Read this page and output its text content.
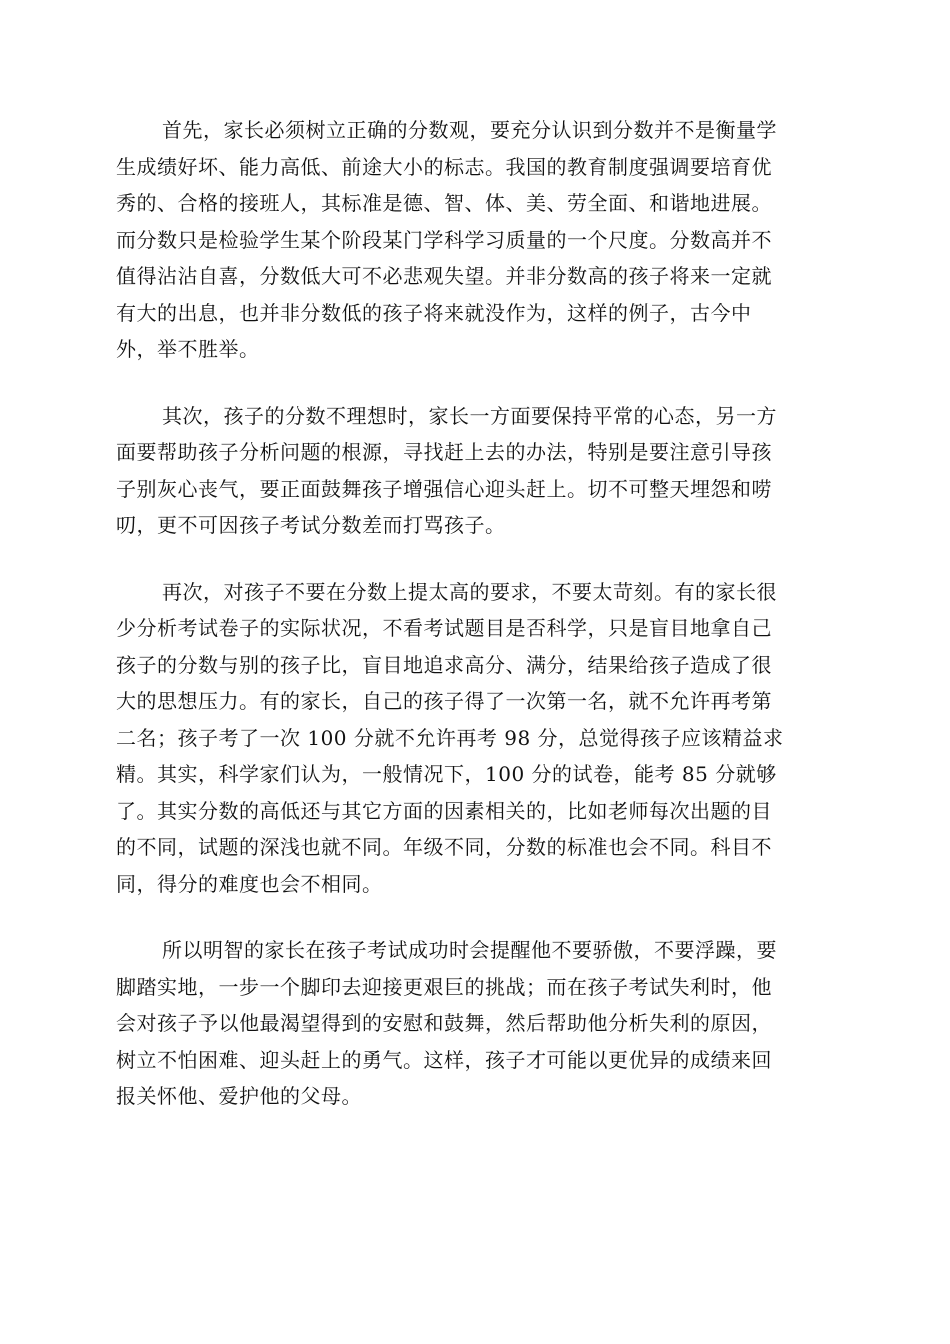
首先，家长必须树立正确的分数观，要充分认识到分数并不是衡量学
生成绩好坏、能力高低、前途大小的标志。我国的教育制度强调要培育优
秀的、合格的接班人，其标准是德、智、体、美、劳全面、和谐地进展。
而分数只是检验学生某个阶段某门学科学习质量的一个尺度。分数高并不
值得沾沾自喜，分数低大可不必悲观失望。并非分数高的孩子将来一定就
有大的出息，也并非分数低的孩子将来就没作为，这样的例子，古今中
外，举不胜举。

其次，孩子的分数不理想时，家长一方面要保持平常的心态，另一方
面要帮助孩子分析问题的根源，寻找赶上去的办法，特别是要注意引导孩
子别灰心丧气，要正面鼓舞孩子增强信心迎头赶上。切不可整天埋怨和唠
叨，更不可因孩子考试分数差而打骂孩子。

再次，对孩子不要在分数上提太高的要求，不要太苛刻。有的家长很
少分析考试卷子的实际状况，不看考试题目是否科学，只是盲目地拿自己
孩子的分数与别的孩子比，盲目地追求高分、满分，结果给孩子造成了很
大的思想压力。有的家长，自己的孩子得了一次第一名，就不允许再考第
二名；孩子考了一次 100 分就不允许再考 98 分，总觉得孩子应该精益求
精。其实，科学家们认为，一般情况下，100 分的试卷，能考 85 分就够
了。其实分数的高低还与其它方面的因素相关的，比如老师每次出题的目
的不同，试题的深浅也就不同。年级不同，分数的标准也会不同。科目不
同，得分的难度也会不相同。

所以明智的家长在孩子考试成功时会提醒他不要骄傲，不要浮躁，要
脚踏实地，一步一个脚印去迎接更艰巨的挑战；而在孩子考试失利时，他
会对孩子予以他最渴望得到的安慰和鼓舞，然后帮助他分析失利的原因，
树立不怕困难、迎头赶上的勇气。这样，孩子才可能以更优异的成绩来回
报关怀他、爱护他的父母。
